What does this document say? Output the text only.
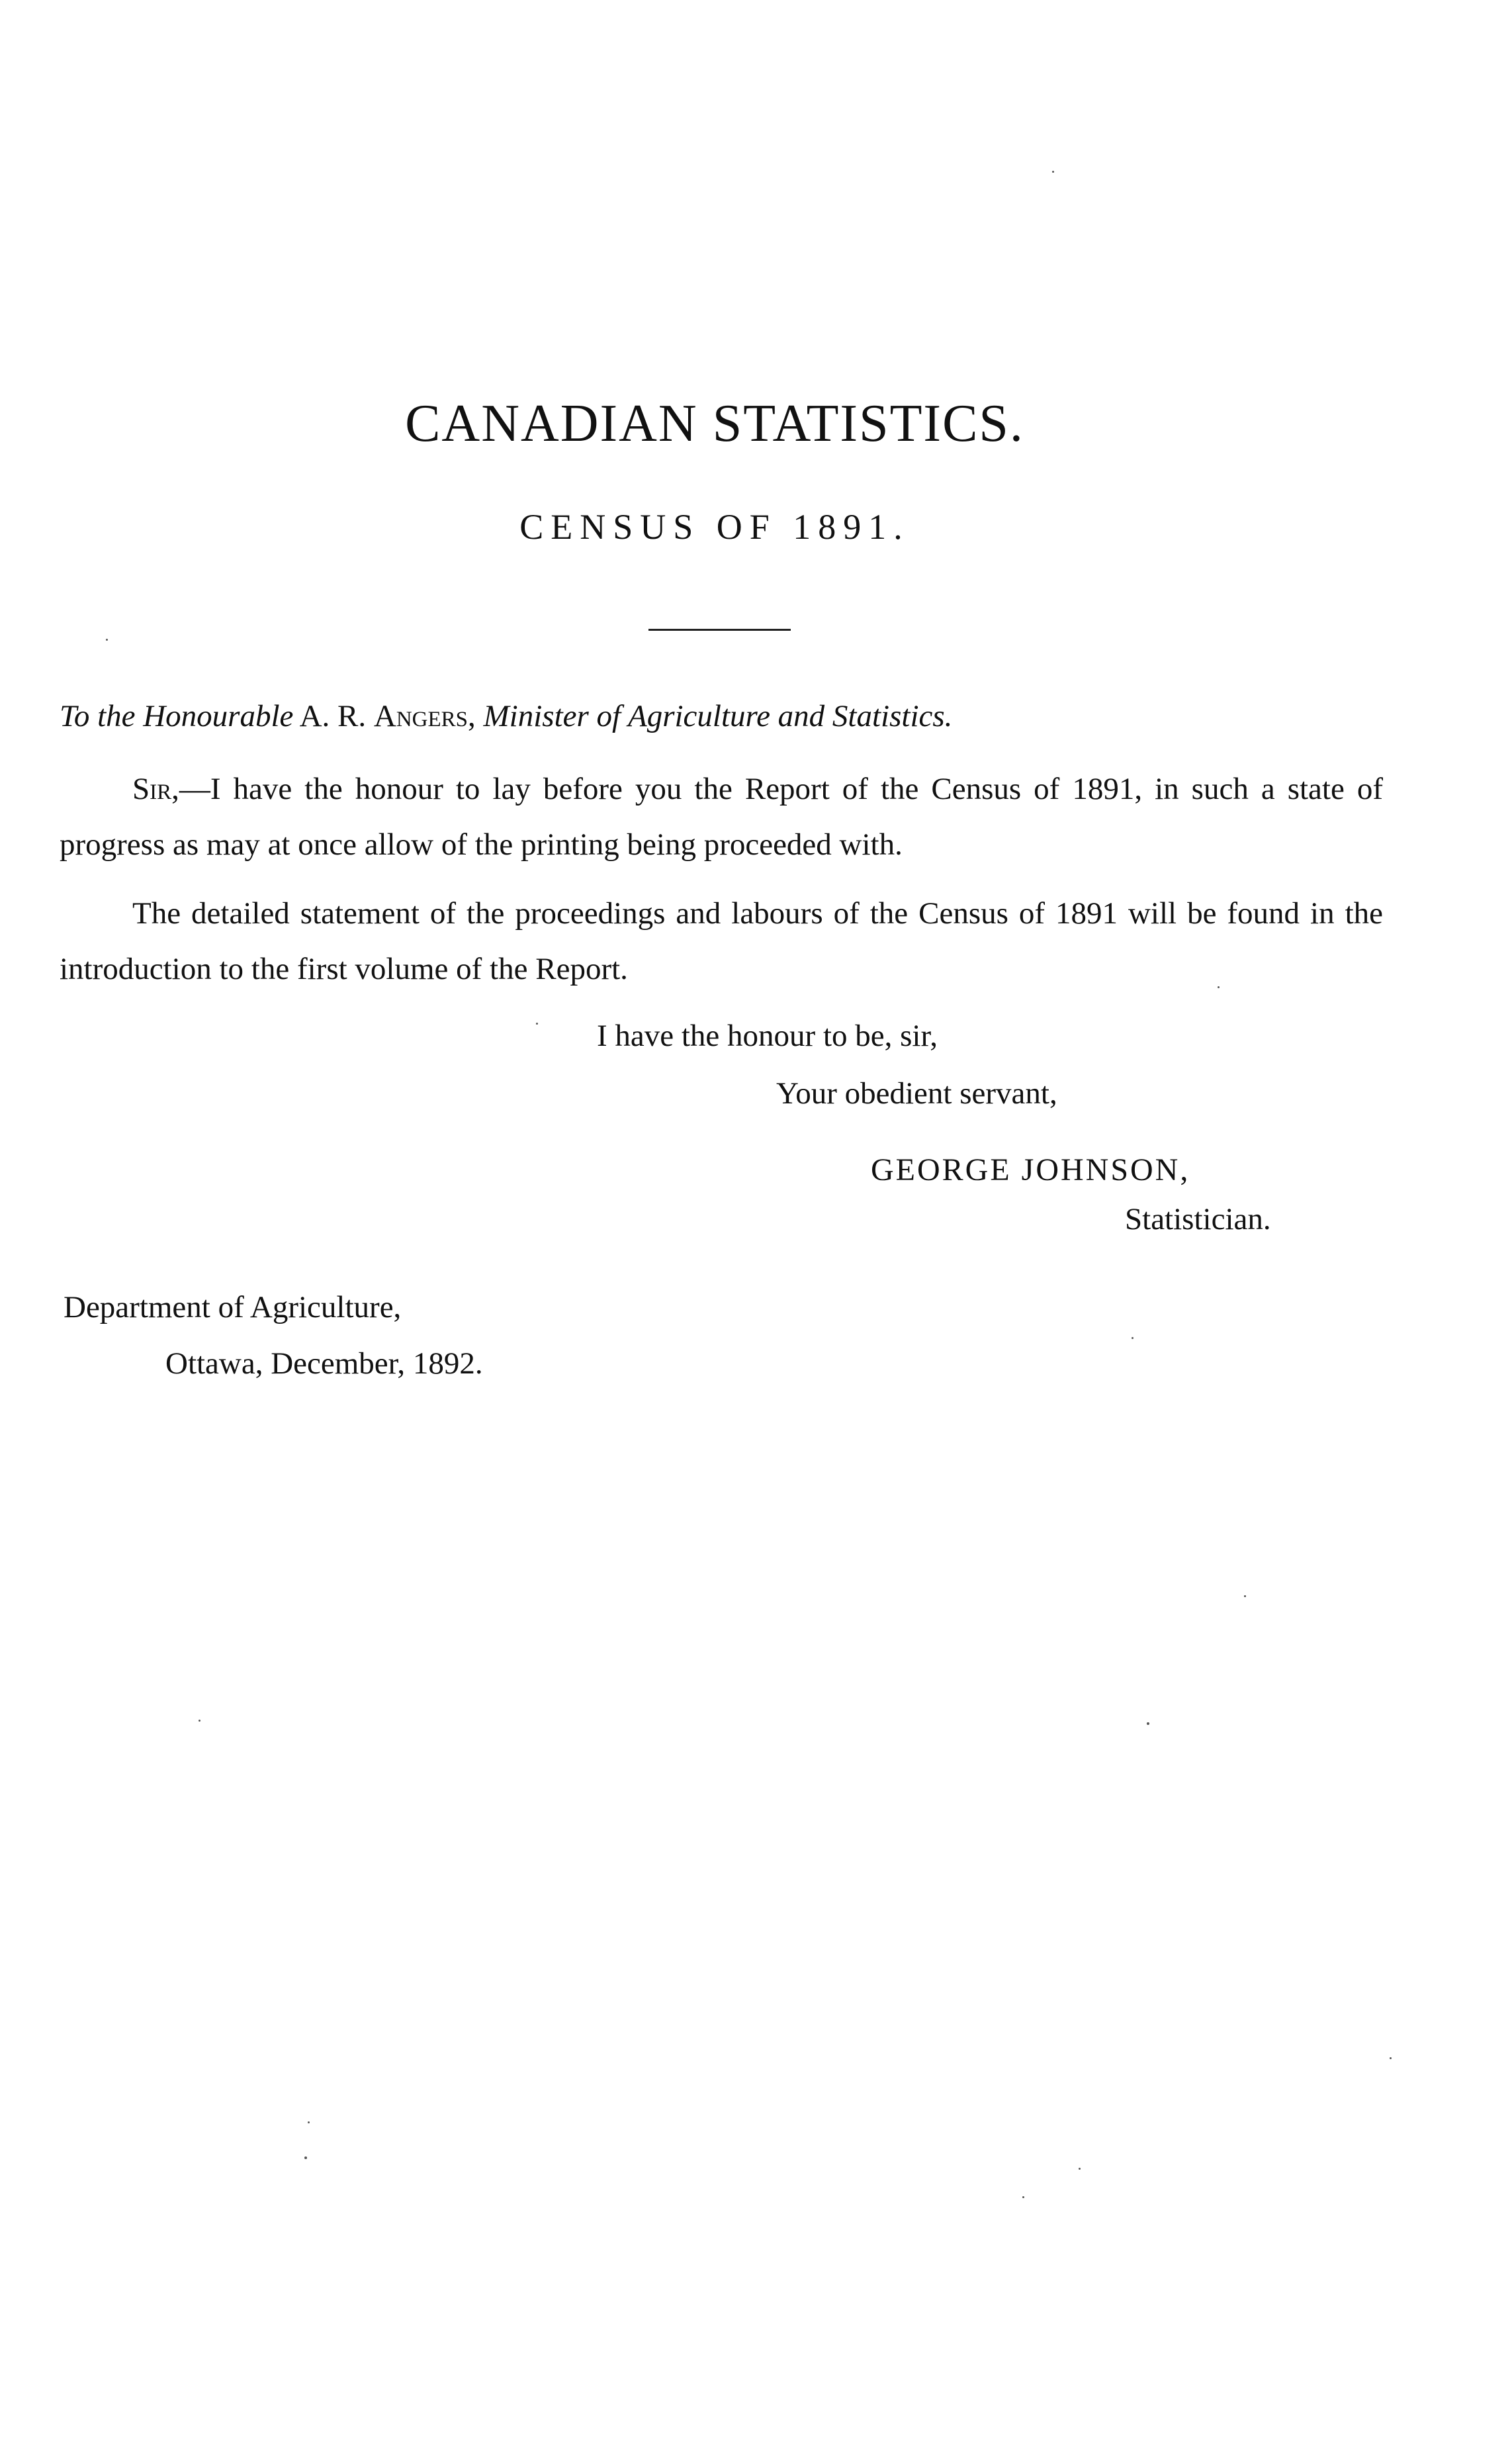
CANADIAN STATISTICS.
CENSUS OF 1891.
To the Honourable A. R. Angers, Minister of Agriculture and Statistics.
Sir,—I have the honour to lay before you the Report of the Census of 1891, in such a state of progress as may at once allow of the printing being proceeded with.
The detailed statement of the proceedings and labours of the Census of 1891 will be found in the introduction to the first volume of the Report.
I have the honour to be, sir,
Your obedient servant,
GEORGE JOHNSON,
Statistician.
Department of Agriculture,
Ottawa, December, 1892.
